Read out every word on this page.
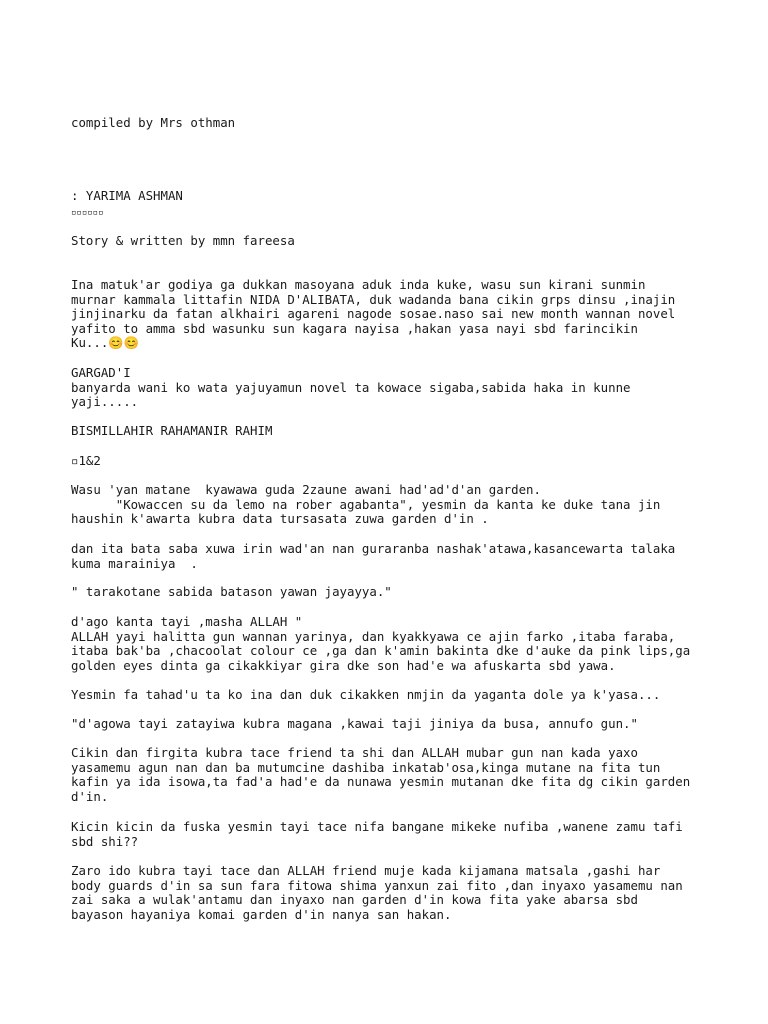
compiled by Mrs othman
: YARIMA ASHMAN
▫▫▫▫▫▫
Story & written by mmn fareesa
Ina matuk'ar godiya ga dukkan masoyana aduk inda kuke, wasu sun kirani sunmin
murnar kammala littafin NIDA D'ALIBATA, duk wadanda bana cikin grps dinsu ,inajin
jinjinarku da fatan alkhairi agareni nagode sosae.naso sai new month wannan novel
yafito to amma sbd wasunku sun kagara nayisa ,hakan yasa nayi sbd farincikin
Ku...😊😊
GARGAD'I
banyarda wani ko wata yajuyamun novel ta kowace sigaba,sabida haka in kunne
yaji.....
BISMILLAHIR RAHAMANIR RAHIM
▫1&2
Wasu 'yan matane  kyawawa guda 2zaune awani had'ad'd'an garden.
"Kowaccen su da lemo na rober agabanta", yesmin da kanta ke duke tana jin
haushin k'awarta kubra data tursasata zuwa garden d'in .
dan ita bata saba xuwa irin wad'an nan guraranba nashak'atawa,kasancewarta talaka
kuma marainiya  .
" tarakotane sabida batason yawan jayayya."
d'ago kanta tayi ,masha ALLAH "
ALLAH yayi halitta gun wannan yarinya, dan kyakkyawa ce ajin farko ,itaba faraba,
itaba bak'ba ,chacoolat colour ce ,ga dan k'amin bakinta dke d'auke da pink lips,ga
golden eyes dinta ga cikakkiyar gira dke son had'e wa afuskarta sbd yawa.
Yesmin fa tahad'u ta ko ina dan duk cikakken nmjin da yaganta dole ya k'yasa...
"d'agowa tayi zatayiwa kubra magana ,kawai taji jiniya da busa, annufo gun."
Cikin dan firgita kubra tace friend ta shi dan ALLAH mubar gun nan kada yaxo
yasamemu agun nan dan ba mutumcine dashiba inkatab'osa,kinga mutane na fita tun
kafin ya ida isowa,ta fad'a had'e da nunawa yesmin mutanan dke fita dg cikin garden
d'in.
Kicin kicin da fuska yesmin tayi tace nifa bangane mikeke nufiba ,wanene zamu tafi
sbd shi??
Zaro ido kubra tayi tace dan ALLAH friend muje kada kijamana matsala ,gashi har
body guards d'in sa sun fara fitowa shima yanxun zai fito ,dan inyaxo yasamemu nan
zai saka a wulak'antamu dan inyaxo nan garden d'in kowa fita yake abarsa sbd
bayason hayaniya komai garden d'in nanya san hakan.
